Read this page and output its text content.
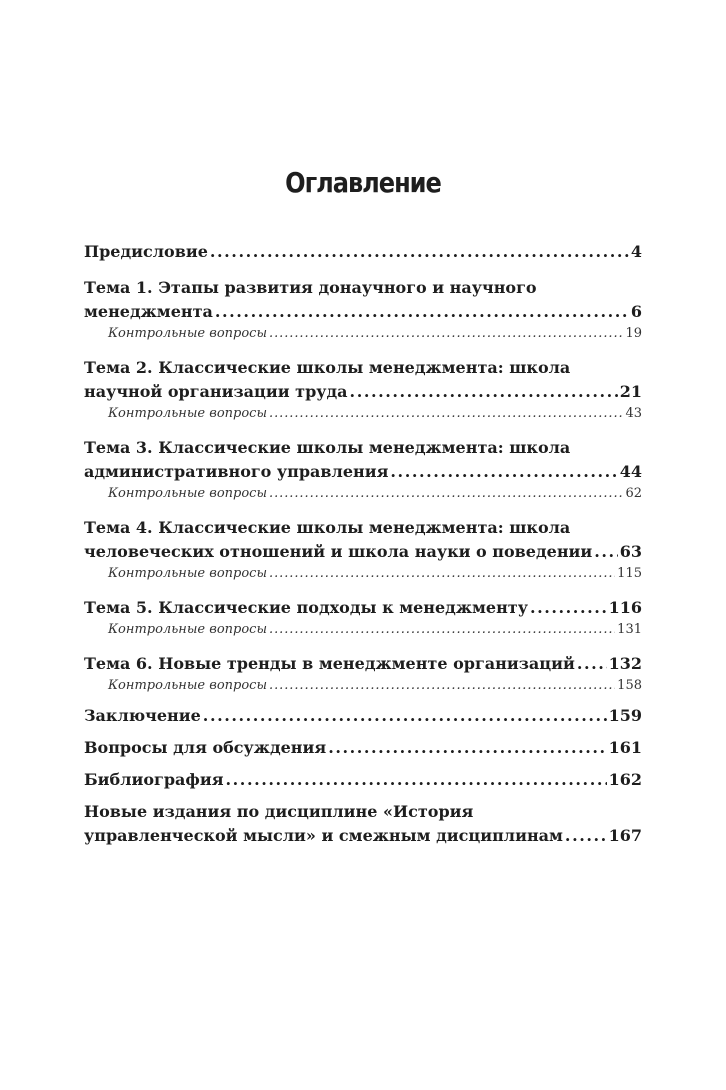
Оглавление
Предисловие . . .	4
Тема 1. Этапы развития донаучного и научного
менеджмента . . .	6
Контрольные вопросы . . .	19
Тема 2. Классические школы менеджмента: школа
научной организации труда . . .	21
Контрольные вопросы . . .	43
Тема 3. Классические школы менеджмента: школа
административного управления . . .	44
Контрольные вопросы . . .	62
Тема 4. Классические школы менеджмента: школа
человеческих отношений и школа науки о поведении . . . 63
Контрольные вопросы . . .	115
Тема 5. Классические подходы к менеджменту . . .	116
Контрольные вопросы . . .	131
Тема 6. Новые тренды в менеджменте организаций . . . 132
Контрольные вопросы . . .	158
Заключение . . .	159
Вопросы для обсуждения . . .	161
Библиография . . .	162
Новые издания по дисциплине «История
управленческой мысли» и смежным дисциплинам . . .	167
